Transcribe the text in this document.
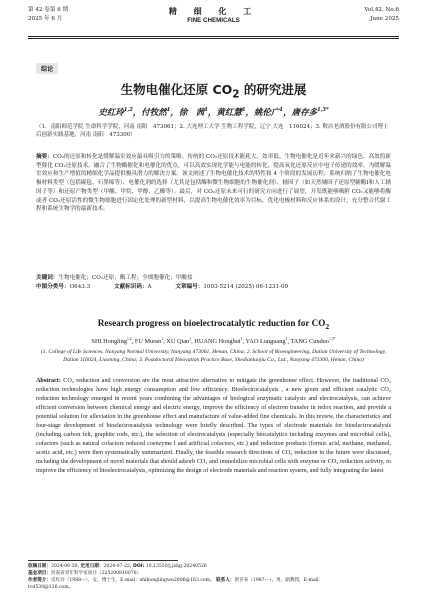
第 42 卷第 6 期
2025 年 6 月
精 细 化 工
FINE CHEMICALS
Vol.42, No.6
June 2025
综论
生物电催化还原 $CO_2$ 的研究进展
史红玲$^{1,2}$，付牧然$^1$，徐　茜$^1$，黄红慧$^1$，姚伦广$^1$，唐存多$^{1,3*}$
（1．南阳师范学院 生命科学学院，河南 南阳　473061；2. 大连理工大学 生物工程学院，辽宁 大连　116024；3. 鞍店老酒股份有限公司博士后创新实践基地，河南 南阳　473300）
摘要：CO₂的还原和转化是缓解温室效应最具吸引力的策略。传统的 CO₂还原技术能耗大、效率低。生物电催化是近年来新兴的绿色、高效的新型催化 CO₂还原技术，融合了生物酶催化和电催化的优点，可以高效实现化学能与电能的转化，提高氧化还原反应中电子传递的效率，为缓解温室效应和生产增值的精细化学品提供极具潜力的解决方案。该文阐述了生物电催化技术的特性和 4 个阶段的发展历程；系统归纳了生物电催化电极材料类型（包括碳毡、石墨烯等）、电催化剂的选择（尤其是包括酶和微生物细胞的生物催化剂）、辅因子（如天然辅因子还原型辅酶Ⅰ和人工辅因子等）和还原产物类型（甲酸、甲烷、甲醇、乙酸等）。最后，对 CO₂还原未来可行的研究方向进行了展望，开发既能够吸附 CO₂又能够将酶或者 CO₂还原活性的微生物细胞进行固定化处理的新型材料，以提高生物电催化效率为目标，优化电极材料和反应体系的设计，充分整合代谢工程和系统生物学的最新技术。
关键词：生物电催化；CO₂还原；酶工程；全细胞催化；甲酸盐
中图分类号：O643.3	文献标识码：A	文章编号：1003-5214 (2025) 06-1231-09
Research progress on bioelectrocatalytic reduction for $CO_2$
SHI Hongling$^{1,2}$, FU Muran$^1$, XU Qian$^1$, HUANG Honghui$^1$, YAO Lunguang$^1$, TANG Cunduo$^{1,3*}$
(1. College of Life Sciences, Nanyang Normal University, Nanyang 473061, Henan, China; 2. School of Bioengineering, Dalian University of Technology, Dalian 116024, Liaoning, China; 3. Postdoctoral Innovation Practice Base, Shedianlaojiu Co., Ltd., Nanyang 473300, Henan, China)
Abstract: CO₂ reduction and conversion are the most attractive alternative to mitigate the greenhouse effect. However, the traditional CO₂ reduction technologies have high energy consumption and low efficiency. Bioelectrocatalysis , a new green and efficient catalytic CO₂ reduction technology emerged in recent years combining the advantages of biological enzymatic catalysis and electrocatalysis, can achieve efficient conversion between chemical energy and electric energy, improve the efficiency of electron transfer in redox reaction, and provide a potential solution for alleviation in the greenhouse effect and manufacture of value-added fine chemicals. In this review, the characteristics and four-stage development of bioelectrocatalysis technology were briefly described. The types of electrode materials for bioelectrocatalysis (including carbon felt, graphite rods, etc.), the selection of electrocatalysts (especially biocatalytics including enzymes and microbial cells), cofactors (such as natural cofactors reduced coenzyme Ⅰ and artificial cofactors, etc.) and reduction products (formic acid, methane, methanol, acetic acid, etc.) were then systematically summarized. Finally, the feasible research directions of CO₂ reduction in the future were discussed, including the development of novel materials that should adsorb CO₂ and immobilize microbial cells with enzyme or CO₂ reduction activity, to improve the efficiency of bioelectrocatalysis, optimizing the design of electrode materials and reaction system, and fully integrating the latest
收稿日期：2024-06-30; 定用日期：2024-07-22; DOI: 10.13550/j.jxhg.20240526
基金项目：河南省青年科学家项目（225200810076）
作者简介：史红玲（1988—），女，博士生，E-mail：shihonglingwu2006@163.com。 联系人：唐存多（1987—），男，副教授，E-mail：
tcd530@126.com。
